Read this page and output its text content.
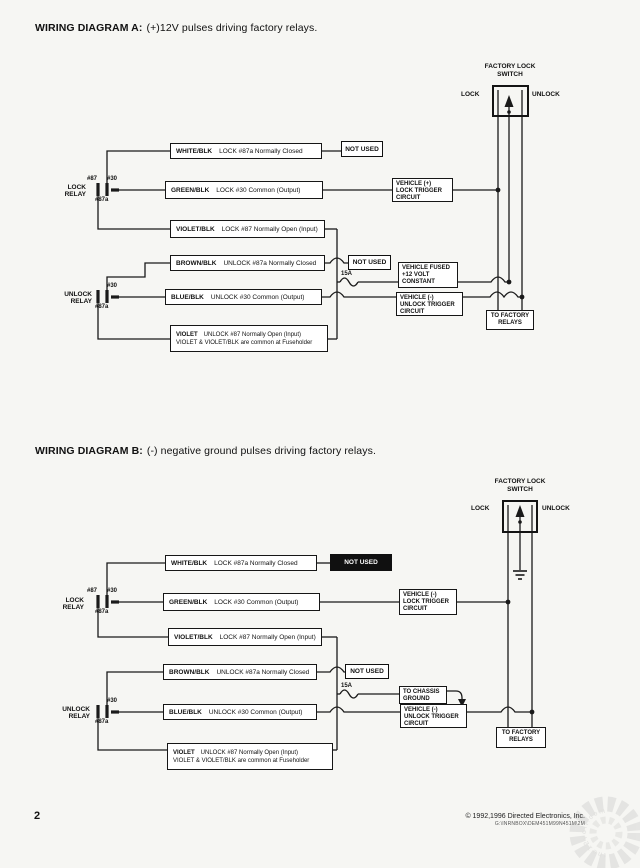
the12volt.com
WIRING DIAGRAM A: (+)12V pulses driving factory relays.
FACTORY LOCK
SWITCH
LOCK	UNLOCK
WHITE/BLK LOCK #87a Normally Closed	NOT USED
LOCK
RELAY
#87 #30
#87a
GREEN/BLK LOCK #30 Common (Output)
VEHICLE (+)
LOCK TRIGGER
CIRCUIT
VIOLET/BLK LOCK #87 Normally Open (Input)
BROWN/BLK UNLOCK #87a Normally Closed	NOT USED
15A
VEHICLE FUSED
+12 VOLT
CONSTANT
UNLOCK
RELAY
#30
#87a
BLUE/BLK UNLOCK #30 Common (Output)	VEHICLE (-)
UNLOCK TRIGGER
CIRCUIT
VIOLET UNLOCK #87 Normally Open (Input)
VIOLET & VIOLET/BLK are common at Fuseholder
TO FACTORY
RELAYS
WIRING DIAGRAM B: (-) negative ground pulses driving factory relays.
FACTORY LOCK
SWITCH
LOCK	UNLOCK
WHITE/BLK LOCK #87a Normally Closed	NOT USED
LOCK
RELAY
#87 #30
#87a
GREEN/BLK LOCK #30 Common (Output)
VEHICLE (-)
LOCK TRIGGER
CIRCUIT
VIOLET/BLK LOCK #87 Normally Open (Input)
BROWN/BLK UNLOCK #87a Normally Closed	NOT USED
15A
TO CHASSIS
GROUND
UNLOCK
RELAY
#30
#87a
BLUE/BLK UNLOCK #30 Common (Output)	VEHICLE (-)
UNLOCK TRIGGER
CIRCUIT
VIOLET UNLOCK #87 Normally Open (Input)
VIOLET & VIOLET/BLK are common at Fuseholder
TO FACTORY
RELAYS
2	© 1992,1996 Directed Electronics, Inc.
G:\INRNBOX\DEM451M99N451M\2M
